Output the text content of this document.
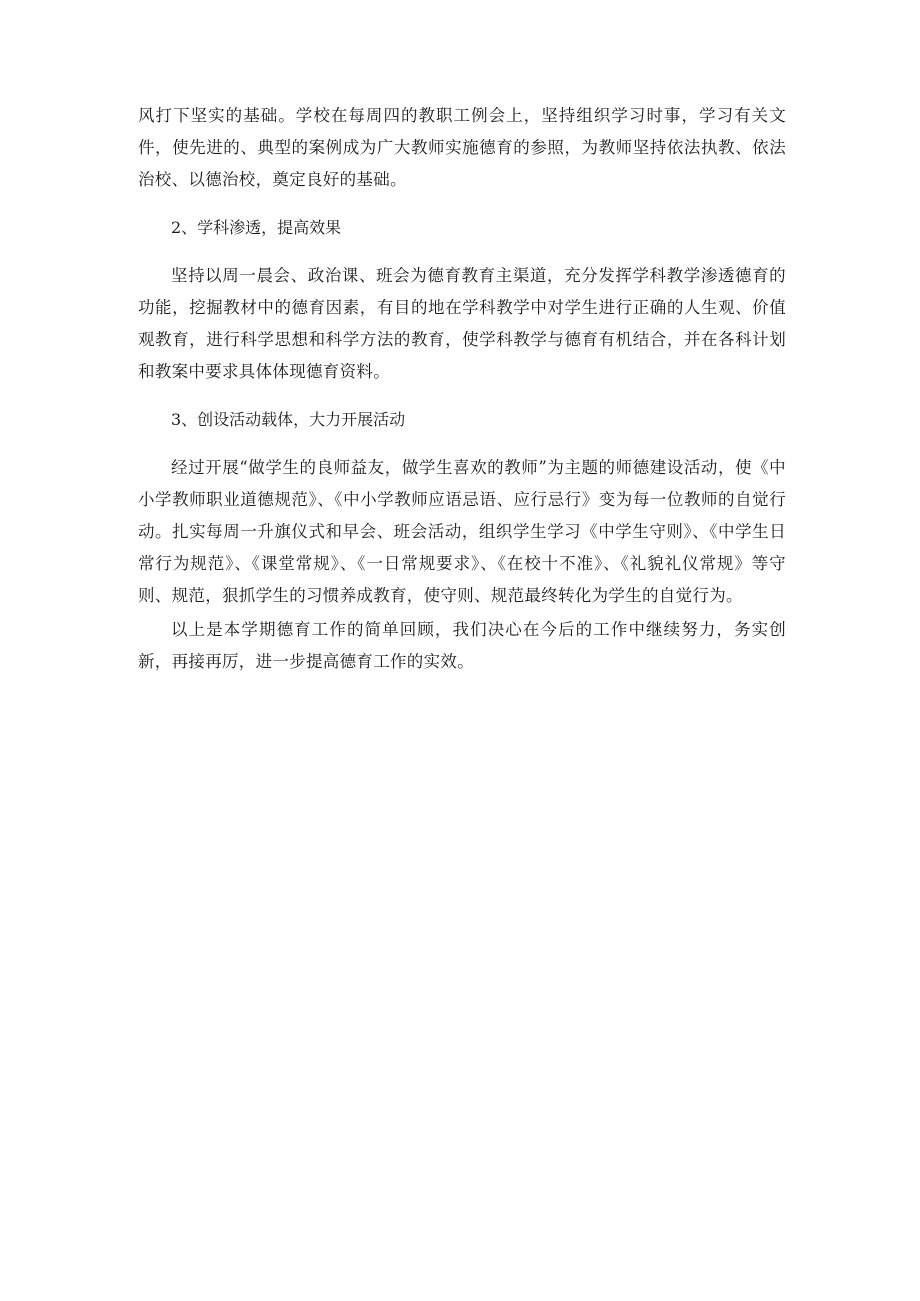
风打下坚实的基础。学校在每周四的教职工例会上，坚持组织学习时事，学习有关文件，使先进的、典型的案例成为广大教师实施德育的参照，为教师坚持依法执教、依法治校、以德治校，奠定良好的基础。

2、学科渗透，提高效果

坚持以周一晨会、政治课、班会为德育教育主渠道，充分发挥学科教学渗透德育的功能，挖掘教材中的德育因素，有目的地在学科教学中对学生进行正确的人生观、价值观教育，进行科学思想和科学方法的教育，使学科教学与德育有机结合，并在各科计划和教案中要求具体体现德育资料。

3、创设活动载体，大力开展活动

经过开展“做学生的良师益友，做学生喜欢的教师”为主题的师德建设活动，使《中小学教师职业道德规范》、《中小学教师应语忌语、应行忌行》变为每一位教师的自觉行动。扎实每周一升旗仪式和早会、班会活动，组织学生学习《中学生守则》、《中学生日常行为规范》、《课堂常规》、《一日常规要求》、《在校十不准》、《礼貌礼仪常规》等守则、规范，狠抓学生的习惯养成教育，使守则、规范最终转化为学生的自觉行为。

以上是本学期德育工作的简单回顾，我们决心在今后的工作中继续努力，务实创新，再接再厉，进一步提高德育工作的实效。
